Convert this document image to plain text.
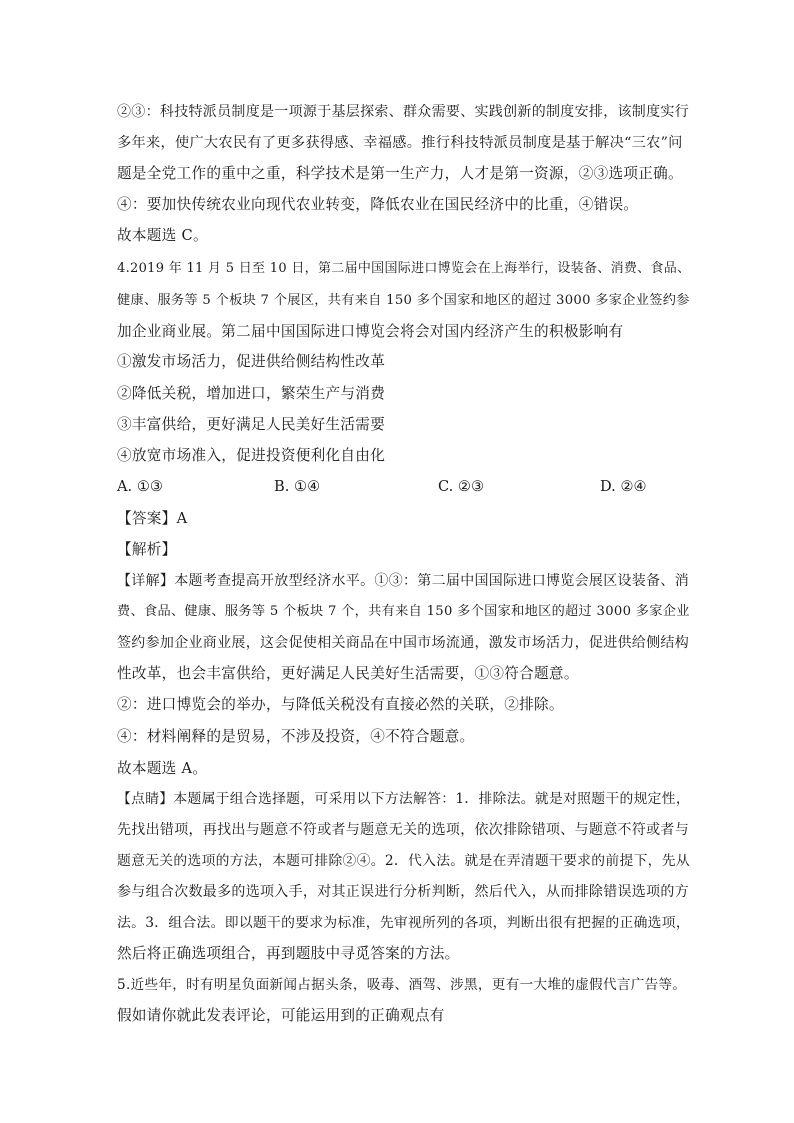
②③：科技特派员制度是一项源于基层探索、群众需要、实践创新的制度安排，该制度实行
多年来，使广大农民有了更多获得感、幸福感。推行科技特派员制度是基于解决“三农”问
题是全党工作的重中之重，科学技术是第一生产力，人才是第一资源，②③选项正确。
④：要加快传统农业向现代农业转变，降低农业在国民经济中的比重，④错误。
故本题选 C。
4.2019 年 11 月 5 日至 10 日，第二届中国国际进口博览会在上海举行，设装备、消费、食品、
健康、服务等 5 个板块 7 个展区，共有来自 150 多个国家和地区的超过 3000 多家企业签约参
加企业商业展。第二届中国国际进口博览会将会对国内经济产生的积极影响有
①激发市场活力，促进供给侧结构性改革
②降低关税，增加进口，繁荣生产与消费
③丰富供给，更好满足人民美好生活需要
④放宽市场准入，促进投资便利化自由化
A. ①③	B. ①④	C. ②③	D. ②④
【答案】A
【解析】
【详解】本题考查提高开放型经济水平。①③：第二届中国国际进口博览会展区设装备、消
费、食品、健康、服务等 5 个板块 7 个，共有来自 150 多个国家和地区的超过 3000 多家企业
签约参加企业商业展，这会促使相关商品在中国市场流通，激发市场活力，促进供给侧结构
性改革，也会丰富供给，更好满足人民美好生活需要，①③符合题意。
②：进口博览会的举办，与降低关税没有直接必然的关联，②排除。
④：材料阐释的是贸易，不涉及投资，④不符合题意。
故本题选 A。
【点睛】本题属于组合选择题，可采用以下方法解答：1．排除法。就是对照题干的规定性，
先找出错项，再找出与题意不符或者与题意无关的选项，依次排除错项、与题意不符或者与
题意无关的选项的方法，本题可排除②④。2．代入法。就是在弄清题干要求的前提下，先从
参与组合次数最多的选项入手，对其正误进行分析判断，然后代入，从而排除错误选项的方
法。3．组合法。即以题干的要求为标准，先审视所列的各项，判断出很有把握的正确选项，
然后将正确选项组合，再到题肢中寻觅答案的方法。
5.近些年，时有明星负面新闻占据头条，吸毒、酒驾、涉黑，更有一大堆的虚假代言广告等。
假如请你就此发表评论，可能运用到的正确观点有
